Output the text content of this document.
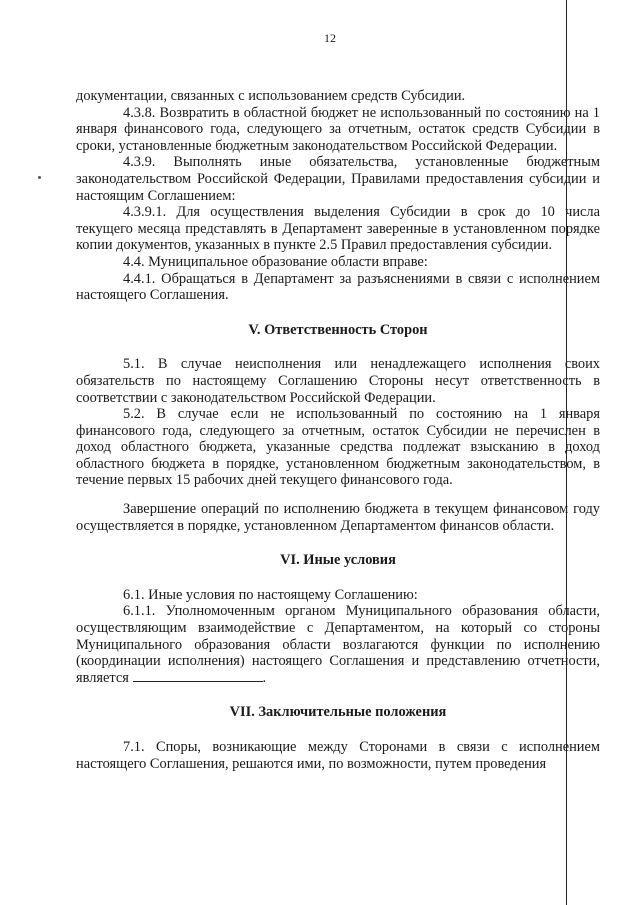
12

документации, связанных с использованием средств Субсидии.

4.3.8. Возвратить в областной бюджет не использованный по состоянию на 1 января финансового года, следующего за отчетным, остаток средств Субсидии в сроки, установленные бюджетным законодательством Российской Федерации.

4.3.9. Выполнять иные обязательства, установленные бюджетным законодательством Российской Федерации, Правилами предоставления субсидии и настоящим Соглашением:

4.3.9.1. Для осуществления выделения Субсидии в срок до 10 числа текущего месяца представлять в Департамент заверенные в установленном порядке копии документов, указанных в пункте 2.5 Правил предоставления субсидии.

4.4. Муниципальное образование области вправе:

4.4.1. Обращаться в Департамент за разъяснениями в связи с исполнением настоящего Соглашения.

V. Ответственность Сторон

5.1. В случае неисполнения или ненадлежащего исполнения своих обязательств по настоящему Соглашению Стороны несут ответственность в соответствии с законодательством Российской Федерации.

5.2. В случае если не использованный по состоянию на 1 января финансового года, следующего за отчетным, остаток Субсидии не перечислен в доход областного бюджета, указанные средства подлежат взысканию в доход областного бюджета в порядке, установленном бюджетным законодательством, в течение первых 15 рабочих дней текущего финансового года.

Завершение операций по исполнению бюджета в текущем финансовом году осуществляется в порядке, установленном Департаментом финансов области.

VI. Иные условия

6.1. Иные условия по настоящему Соглашению:

6.1.1. Уполномоченным органом Муниципального образования области, осуществляющим взаимодействие с Департаментом, на который со стороны Муниципального образования области возлагаются функции по исполнению (координации исполнения) настоящего Соглашения и представлению отчетности, является	.

VII. Заключительные положения

7.1. Споры, возникающие между Сторонами в связи с исполнением настоящего Соглашения, решаются ими, по возможности, путем проведения
